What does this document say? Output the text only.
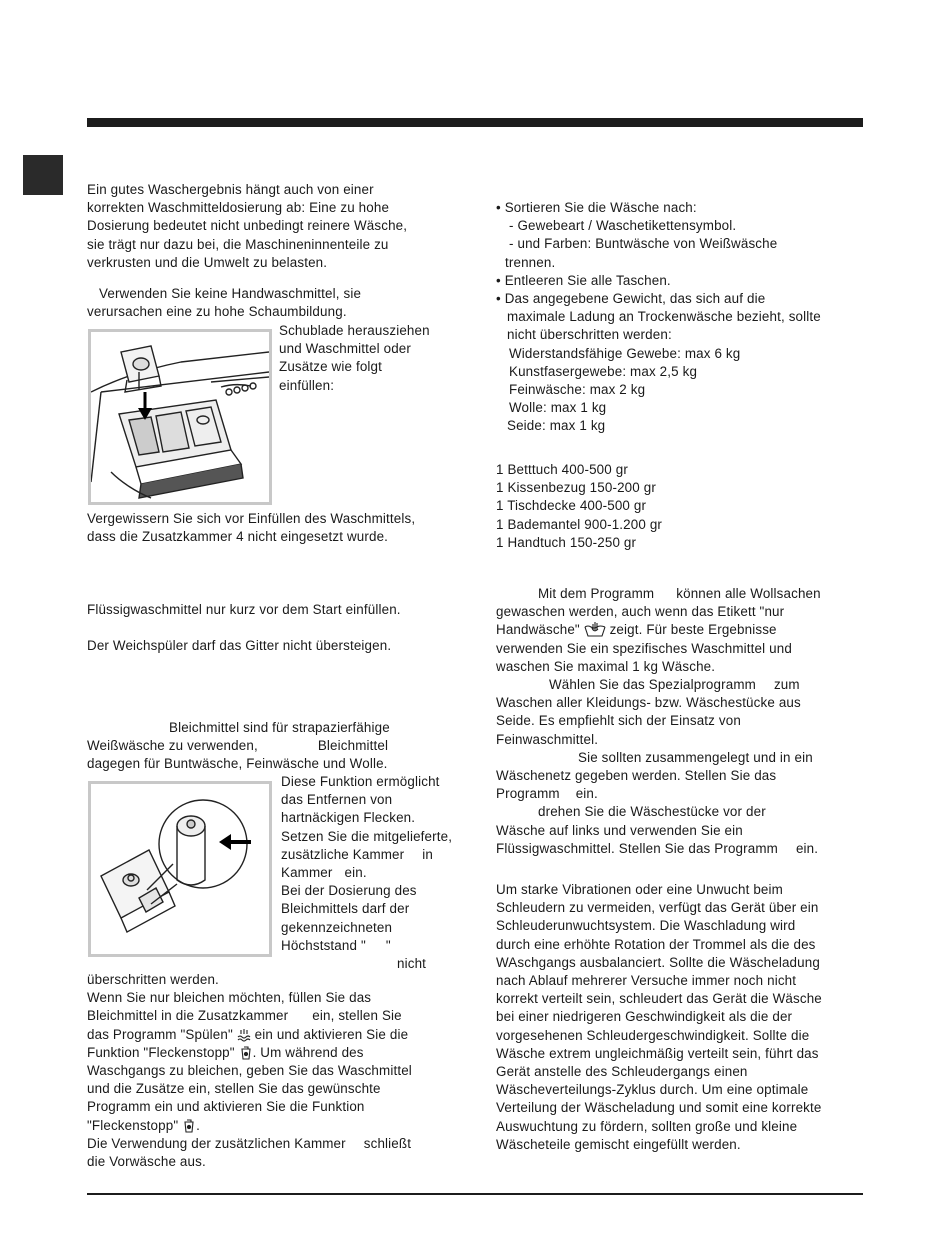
Ein gutes Waschergebnis hängt auch von einer

korrekten Waschmitteldosierung ab: Eine zu hohe

Dosierung bedeutet nicht unbedingt reinere Wäsche,

sie trägt nur dazu bei, die Maschineninnenteile zu

verkrusten und die Umwelt zu belasten.

Verwenden Sie keine Handwaschmittel, sie

verursachen eine zu hohe Schaumbildung.

Schublade herausziehen

und Waschmittel oder

Zusätze wie folgt

einfüllen:

Vergewissern Sie sich vor Einfüllen des Waschmittels,

dass die Zusatzkammer 4 nicht eingesetzt wurde.

Flüssigwaschmittel nur kurz vor dem Start einfüllen.

Der Weichspüler darf das Gitter nicht übersteigen.

Bleichmittel sind für strapazierfähige

Weißwäsche zu verwenden,	Bleichmittel

dagegen für Buntwäsche, Feinwäsche und Wolle.

Diese Funktion ermöglicht

das Entfernen von

hartnäckigen Flecken.

Setzen Sie die mitgelieferte,

zusätzliche Kammer in

Kammer ein.

Bei der Dosierung des

Bleichmittels darf der

gekennzeichneten

Höchststand " "

nicht

überschritten werden.

Wenn Sie nur bleichen möchten, füllen Sie das

Bleichmittel in die Zusatzkammer ein, stellen Sie

das Programm "Spülen" ein und aktivieren Sie die

Funktion "Fleckenstopp" . Um während des

Waschgangs zu bleichen, geben Sie das Waschmittel

und die Zusätze ein, stellen Sie das gewünschte

Programm ein und aktivieren Sie die Funktion

"Fleckenstopp" .

Die Verwendung der zusätzlichen Kammer schließt

die Vorwäsche aus.

• Sortieren Sie die Wäsche nach:

- Gewebeart / Waschetikettensymbol.

- und Farben: Buntwäsche von Weißwäsche

trennen.

• Entleeren Sie alle Taschen.

• Das angegebene Gewicht, das sich auf die

maximale Ladung an Trockenwäsche bezieht, sollte

nicht überschritten werden:

Widerstandsfähige Gewebe: max 6 kg

Kunstfasergewebe: max 2,5 kg

Feinwäsche: max 2 kg

Wolle: max 1 kg

Seide: max 1 kg

1 Betttuch 400-500 gr

1 Kissenbezug 150-200 gr

1 Tischdecke 400-500 gr

1 Bademantel 900-1.200 gr

1 Handtuch 150-250 gr

Mit dem Programm können alle Wollsachen

gewaschen werden, auch wenn das Etikett "nur

Handwäsche" zeigt. Für beste Ergebnisse

verwenden Sie ein spezifisches Waschmittel und

waschen Sie maximal 1 kg Wäsche.

Wählen Sie das Spezialprogramm zum

Waschen aller Kleidungs- bzw. Wäschestücke aus

Seide. Es empfiehlt sich der Einsatz von

Feinwaschmittel.

Sie sollten zusammengelegt und in ein

Wäschenetz gegeben werden. Stellen Sie das

Programm ein.

drehen Sie die Wäschestücke vor der

Wäsche auf links und verwenden Sie ein

Flüssigwaschmittel. Stellen Sie das Programm ein.

Um starke Vibrationen oder eine Unwucht beim

Schleudern zu vermeiden, verfügt das Gerät über ein

Schleuderunwuchtsystem. Die Waschladung wird

durch eine erhöhte Rotation der Trommel als die des

WAschgangs ausbalanciert. Sollte die Wäscheladung

nach Ablauf mehrerer Versuche immer noch nicht

korrekt verteilt sein, schleudert das Gerät die Wäsche

bei einer niedrigeren Geschwindigkeit als die der

vorgesehenen Schleudergeschwindigkeit. Sollte die

Wäsche extrem ungleichmäßig verteilt sein, führt das

Gerät anstelle des Schleudergangs einen

Wäscheverteilungs-Zyklus durch. Um eine optimale

Verteilung der Wäscheladung und somit eine korrekte

Auswuchtung zu fördern, sollten große und kleine

Wäscheteile gemischt eingefüllt werden.
